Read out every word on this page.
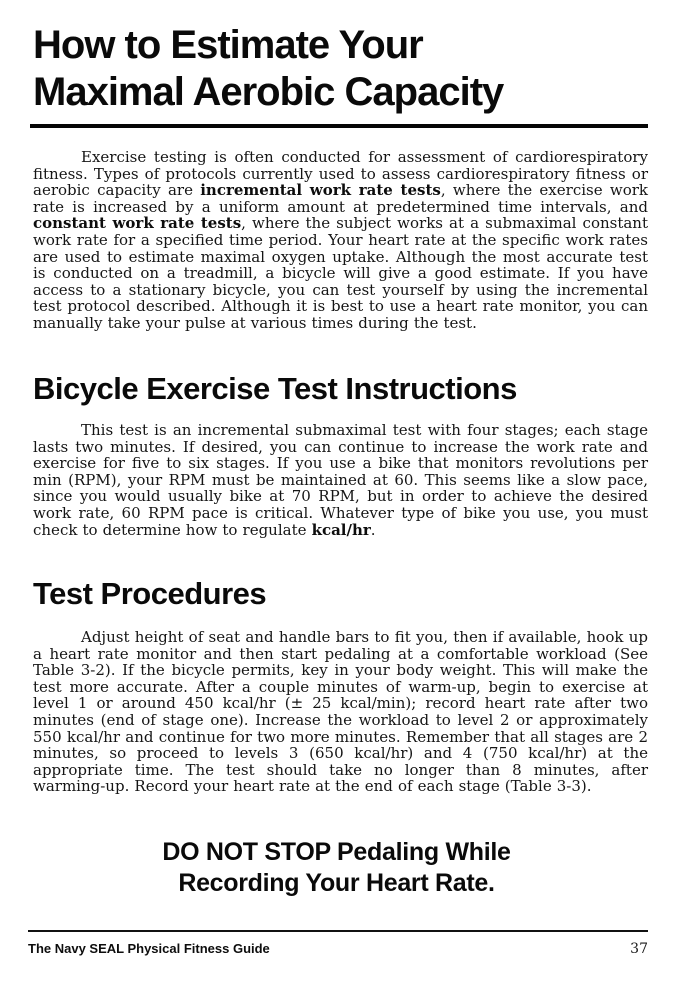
How to Estimate Your
Maximal Aerobic Capacity

Exercise testing is often conducted for assessment of cardiorespiratory fitness. Types of protocols currently used to assess cardiorespiratory fitness or aerobic capacity are incremental work rate tests, where the exercise work rate is increased by a uniform amount at predetermined time intervals, and constant work rate tests, where the subject works at a submaximal constant work rate for a specified time period. Your heart rate at the specific work rates are used to estimate maximal oxygen uptake. Although the most accurate test is conducted on a treadmill, a bicycle will give a good estimate. If you have access to a stationary bicycle, you can test yourself by using the incremental test protocol described. Although it is best to use a heart rate monitor, you can manually take your pulse at various times during the test.

Bicycle Exercise Test Instructions

This test is an incremental submaximal test with four stages; each stage lasts two minutes. If desired, you can continue to increase the work rate and exercise for five to six stages. If you use a bike that monitors revolutions per min (RPM), your RPM must be maintained at 60. This seems like a slow pace, since you would usually bike at 70 RPM, but in order to achieve the desired work rate, 60 RPM pace is critical. Whatever type of bike you use, you must check to determine how to regulate kcal/hr.

Test Procedures

Adjust height of seat and handle bars to fit you, then if available, hook up a heart rate monitor and then start pedaling at a comfortable workload (See Table 3-2). If the bicycle permits, key in your body weight. This will make the test more accurate. After a couple minutes of warm-up, begin to exercise at level 1 or around 450 kcal/hr (± 25 kcal/min); record heart rate after two minutes (end of stage one). Increase the workload to level 2 or approximately 550 kcal/hr and continue for two more minutes. Remember that all stages are 2 minutes, so proceed to levels 3 (650 kcal/hr) and 4 (750 kcal/hr) at the appropriate time. The test should take no longer than 8 minutes, after warming-up. Record your heart rate at the end of each stage (Table 3-3).

DO NOT STOP Pedaling While
Recording Your Heart Rate.
The Navy SEAL Physical Fitness Guide	37
